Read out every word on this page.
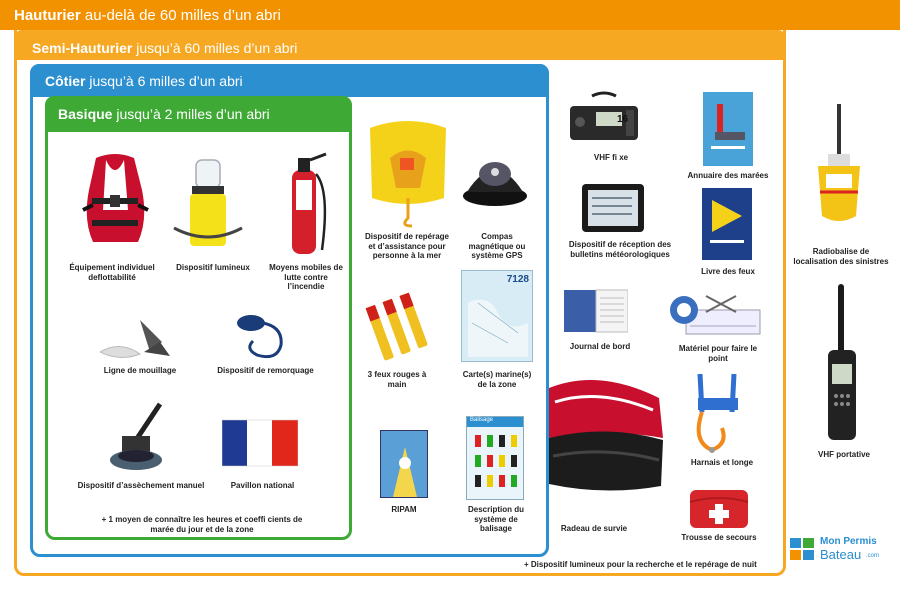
Hauturier au-delà de 60 milles d’un abri
Semi-Hauturier jusqu’à 60 milles d’un abri
Côtier jusqu’à 6 milles d’un abri
Basique jusqu’à 2 milles d’un abri
Équipement individuel deflottabilité
Dispositif lumineux	Moyens mobiles de lutte contre l’incendie
Ligne de mouillage	Dispositif de remorquage
Dispositif d’assèchement manuel	Pavillon national
+ 1 moyen de connaître les heures et coeffi cients de marée du jour et de la zone
Dispositif de repérage et d’assistance pour personne à la mer
Compas magnétique ou système GPS
3 feux rouges à main
7128
Carte(s) marine(s) de la zone
RIPAM
Balisage
Description du système de balisage
16
VHF fi xe
Dispositif de réception des bulletins météorologiques
Journal de bord
Annuaire des marées
Livre des feux
Matériel pour faire le point
Harnais et longe
Trousse de secours
Radeau de survie
Radiobalise de localisation des sinistres
VHF portative
+ Dispositif lumineux pour la recherche et le repérage de nuit
Mon Permis
Bateau .com
